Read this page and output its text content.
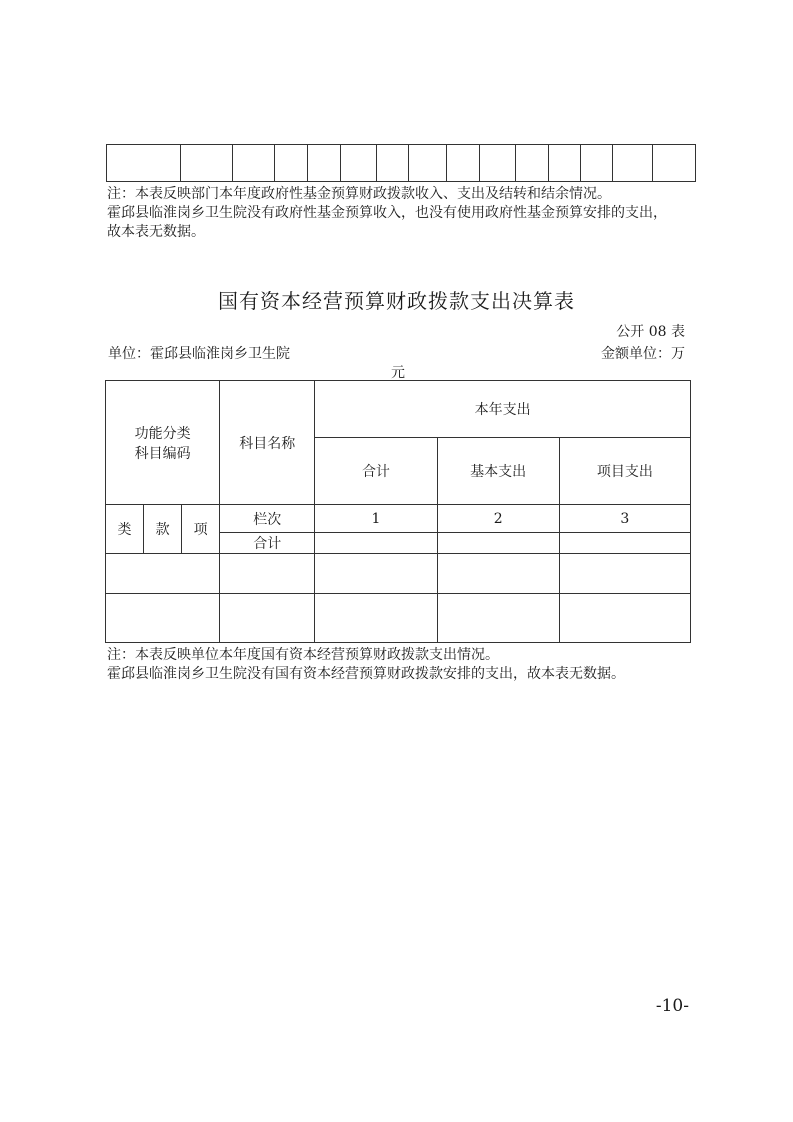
注：本表反映部门本年度政府性基金预算财政拨款收入、支出及结转和结余情况。
霍邱县临淮岗乡卫生院没有政府性基金预算收入，也没有使用政府性基金预算安排的支出，
故本表无数据。
国有资本经营预算财政拨款支出决算表
公开 08 表
单位：霍邱县临淮岗乡卫生院	金额单位：万
元
功能分类
科目编码			科目名称	本年支出		
				合计	基本支出	项目支出
类	款	项	栏次	1	2	3
			合计			

注：本表反映单位本年度国有资本经营预算财政拨款支出情况。
霍邱县临淮岗乡卫生院没有国有资本经营预算财政拨款安排的支出，故本表无数据。
-10-
